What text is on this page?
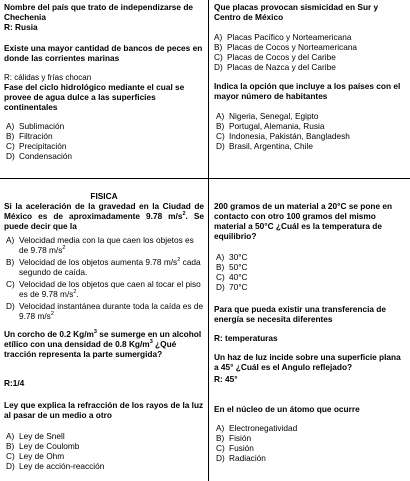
Nombre del país que trato de independizarse de Chechenia

R: Rusia

Existe una mayor cantidad de bancos de peces en donde las corrientes marinas

R: cálidas y frías chocan

Fase del ciclo hidrológico mediante el cual se provee de agua dulce a las superficies continentales

A) Sublimación
B) Filtración
C) Precipitación
D) Condensación

Que placas provocan sismicidad en Sur y Centro de México

A) Placas Pacífico y Norteamericana
B) Placas de Cocos y Norteamericana
C) Placas de Cocos y del Caribe
D) Placas de Nazca y del Caribe

Indica la opción que incluye a los países con el mayor número de habitantes

A) Nigeria, Senegal, Egipto
B) Portugal, Alemania, Rusia
C) Indonesia, Pakistán, Bangladesh
D) Brasil, Argentina, Chile
FISICA

Si la aceleración de la gravedad en la Ciudad de México es de aproximadamente 9.78 $m/s^2$. Se puede decir que la

A) Velocidad media con la que caen los objetos es de 9.78 $m/s^2$
B) Velocidad de los objetos aumenta 9.78 $m/s^2$ cada segundo de caída.
C) Velocidad de los objetos que caen al tocar el piso es de 9.78 $m/s^2$.
D) Velocidad instantánea durante toda la caída es de 9.78 $m/s^2$

Un corcho de 0.2 $Kg/m^3$ se sumerge en un alcohol etílico con una densidad de 0.8 $Kg/m^3$ ¿Qué tracción representa la parte sumergida?

R:1/4

Ley que explica la refracción de los rayos de la luz al pasar de un medio a otro

A) Ley de Snell
B) Ley de Coulomb
C) Ley de Ohm
D) Ley de acción-reacción

200 gramos de un material a 20°C se pone en contacto con otro 100 gramos del mismo material a 50°C ¿Cuál es la temperatura de equilibrio?

A) 30°C
B) 50°C
C) 40°C
D) 70°C

Para que pueda existir una transferencia de energía se necesita diferentes

R: temperaturas

Un haz de luz incide sobre una superficie plana a 45° ¿Cuál es el Angulo reflejado?

R: 45°

En el núcleo de un átomo que ocurre

A) Electronegatividad
B) Fisión
C) Fusión
D) Radiación
